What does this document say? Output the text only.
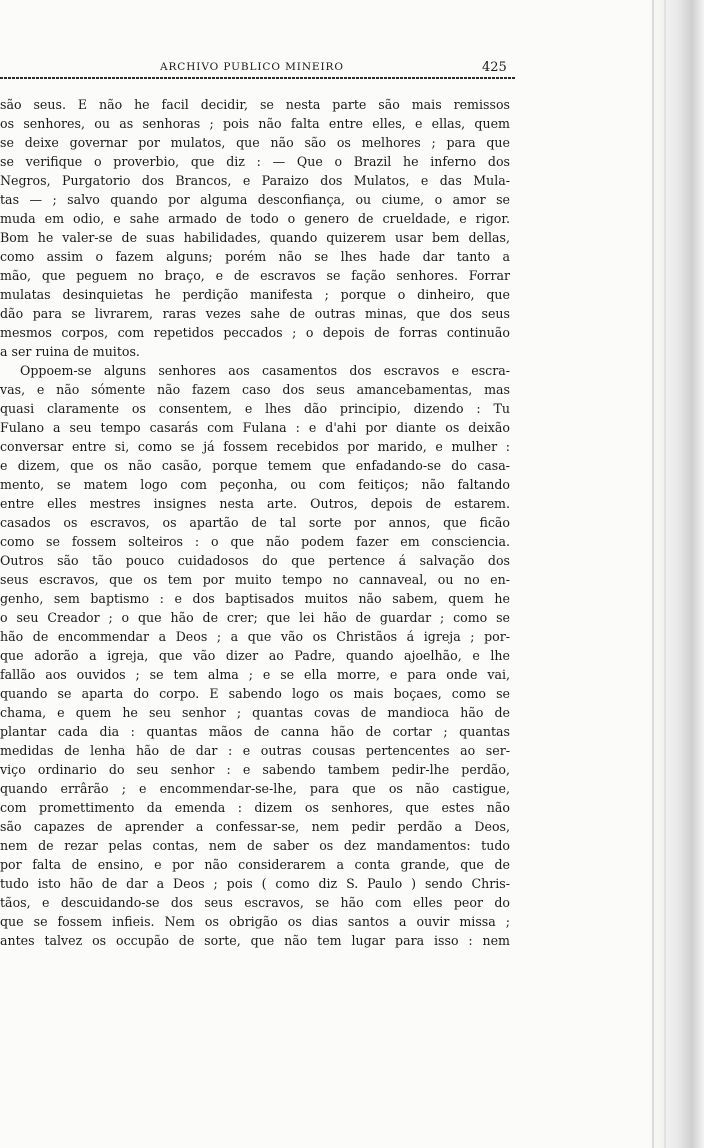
ARCHIVO PUBLICO MINEIRO	425
são seus. E não he facil decidir, se nesta parte são mais remissos
os senhores, ou as senhoras ; pois não falta entre elles, e ellas, quem
se deixe governar por mulatos, que não são os melhores ; para que
se verifique o proverbio, que diz : — Que o Brazil he inferno dos
Negros, Purgatorio dos Brancos, e Paraizo dos Mulatos, e das Mula-
tas — ; salvo quando por alguma desconfiança, ou ciume, o amor se
muda em odio, e sahe armado de todo o genero de crueldade, e rigor.
Bom he valer-se de suas habilidades, quando quizerem usar bem dellas,
como assim o fazem alguns; porém não se lhes hade dar tanto a
mão, que peguem no braço, e de escravos se fação senhores. Forrar
mulatas desinquietas he perdição manifesta ; porque o dinheiro, que
dão para se livrarem, raras vezes sahe de outras minas, que dos seus
mesmos corpos, com repetidos peccados ; o depois de forras continuão
a ser ruina de muitos.
Oppoem-se alguns senhores aos casamentos dos escravos e escra-
vas, e não sómente não fazem caso dos seus amancebamentas, mas
quasi claramente os consentem, e lhes dão principio, dizendo : Tu
Fulano a seu tempo casarás com Fulana : e d'ahi por diante os deixão
conversar entre si, como se já fossem recebidos por marido, e mulher :
e dizem, que os não casão, porque temem que enfadando-se do casa-
mento, se matem logo com peçonha, ou com feitiços; não faltando
entre elles mestres insignes nesta arte. Outros, depois de estarem.
casados os escravos, os apartão de tal sorte por annos, que ficão
como se fossem solteiros : o que não podem fazer em consciencia.
Outros são tão pouco cuidadosos do que pertence á salvação dos
seus escravos, que os tem por muito tempo no cannaveal, ou no en-
genho, sem baptismo : e dos baptisados muitos não sabem, quem he
o seu Creador ; o que hão de crer; que lei hão de guardar ; como se
hão de encommendar a Deos ; a que vão os Christãos á igreja ; por-
que adorão a igreja, que vão dizer ao Padre, quando ajoelhão, e lhe
fallão aos ouvidos ; se tem alma ; e se ella morre, e para onde vai,
quando se aparta do corpo. E sabendo logo os mais boçaes, como se
chama, e quem he seu senhor ; quantas covas de mandioca hão de
plantar cada dia : quantas mãos de canna hão de cortar ; quantas
medidas de lenha hão de dar : e outras cousas pertencentes ao ser-
viço ordinario do seu senhor : e sabendo tambem pedir-lhe perdão,
quando errârão ; e encommendar-se-lhe, para que os não castigue,
com promettimento da emenda : dizem os senhores, que estes não
são capazes de aprender a confessar-se, nem pedir perdão a Deos,
nem de rezar pelas contas, nem de saber os dez mandamentos: tudo
por falta de ensino, e por não considerarem a conta grande, que de
tudo isto hão de dar a Deos ; pois ( como diz S. Paulo ) sendo Chris-
tãos, e descuidando-se dos seus escravos, se hão com elles peor do
que se fossem infieis. Nem os obrigão os dias santos a ouvir missa ;
antes talvez os occupão de sorte, que não tem lugar para isso : nem
